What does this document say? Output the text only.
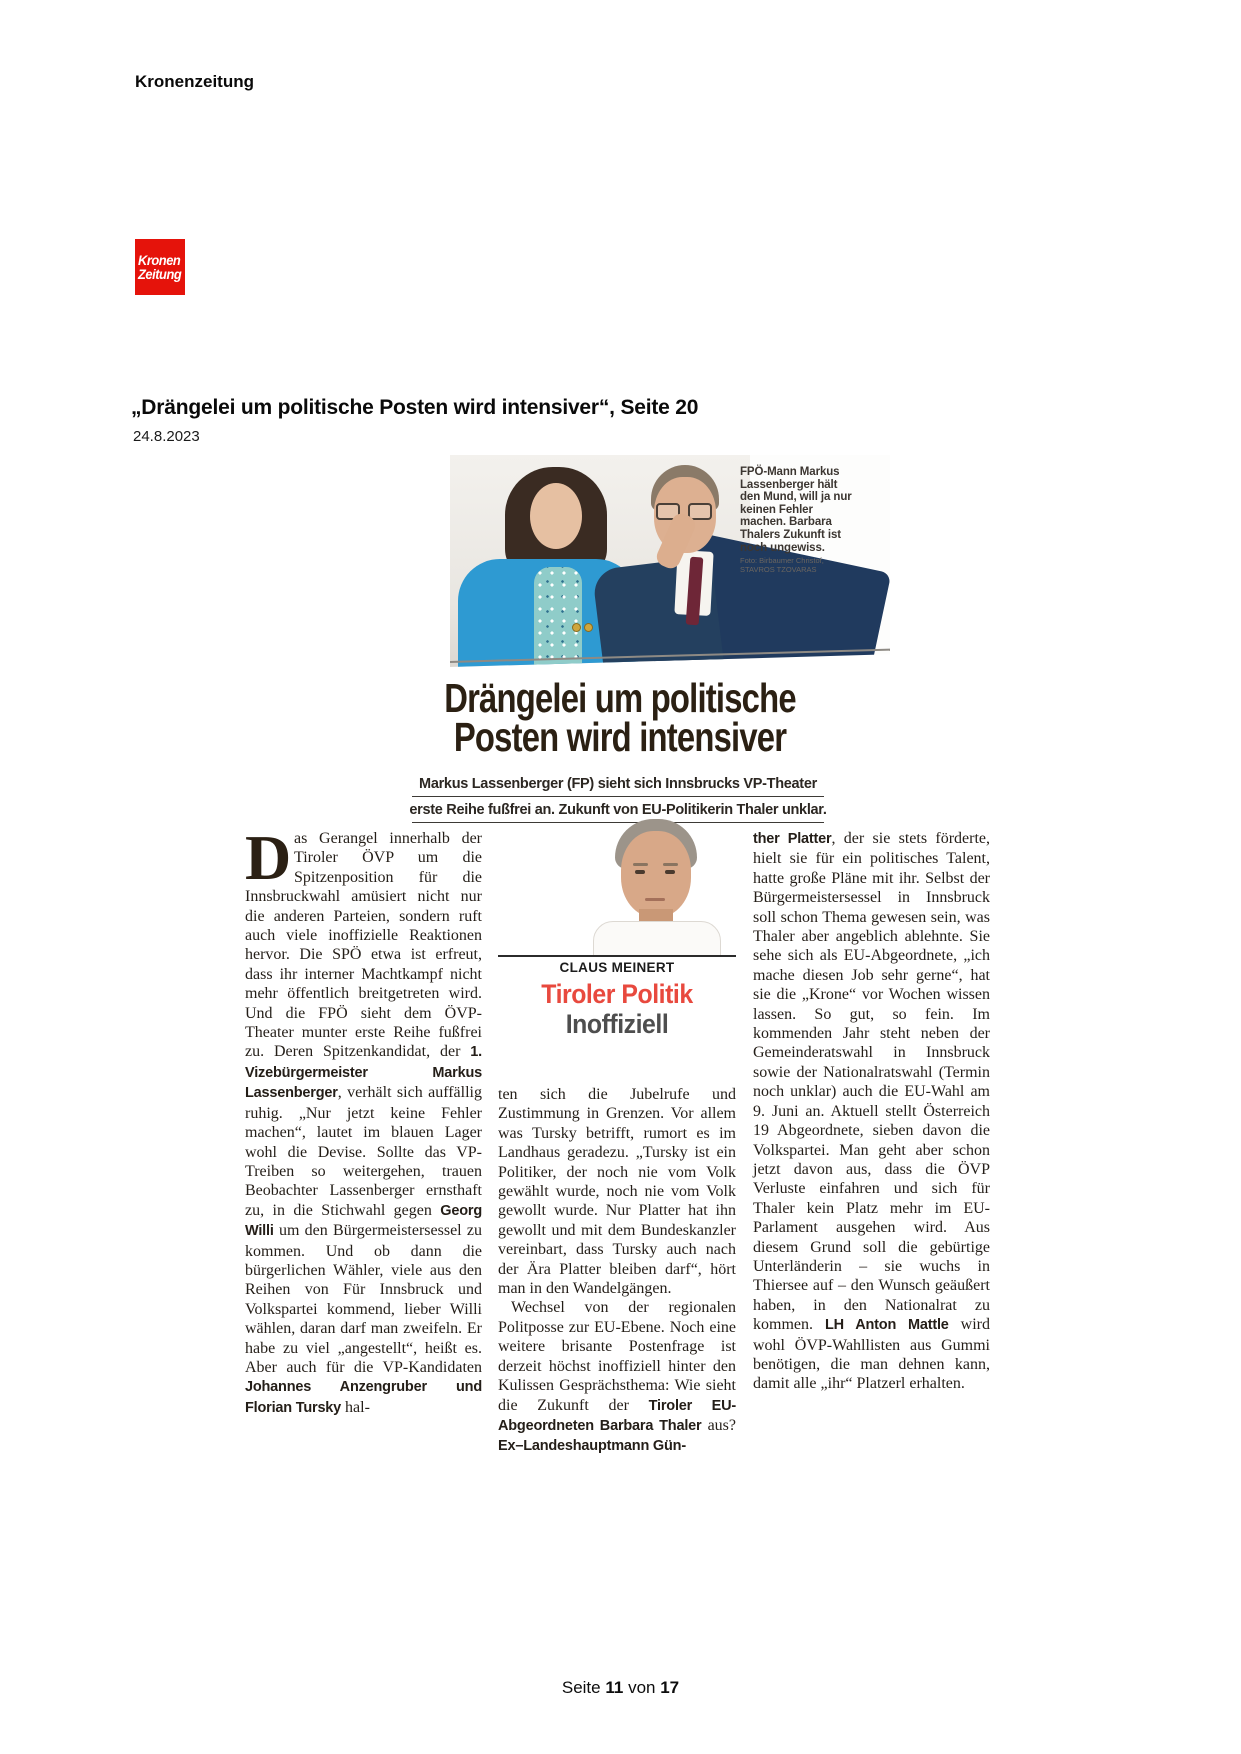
Kronenzeitung
Kronen
Zeitung
„Drängelei um politische Posten wird intensiver“, Seite 20
24.8.2023
FPÖ-Mann Markus Lassenberger hält den Mund, will ja nur keinen Fehler machen. Barbara Thalers Zukunft ist noch ungewiss.
Foto: Birbaumer Christof,
STAVROS TZOVARAS
Drängelei um politische
Posten wird intensiver
Markus Lassenberger (FP) sieht sich Innsbrucks VP-Theater
erste Reihe fußfrei an. Zukunft von EU-Politikerin Thaler unklar.
Das Gerangel innerhalb der Tiroler ÖVP um die Spitzenposition für die Innsbruckwahl amüsiert nicht nur die anderen Parteien, sondern ruft auch viele inoffizielle Reaktionen hervor. Die SPÖ etwa ist erfreut, dass ihr interner Machtkampf nicht mehr öffentlich breitgetreten wird. Und die FPÖ sieht dem ÖVP-Theater munter erste Reihe fußfrei zu. Deren Spitzenkandidat, der 1. Vizebürgermeister Markus Lassenberger, verhält sich auffällig ruhig. „Nur jetzt keine Fehler machen“, lautet im blauen Lager wohl die Devise. Sollte das VP-Treiben so weitergehen, trauen Beobachter Lassenberger ernsthaft zu, in die Stichwahl gegen Georg Willi um den Bürgermeistersessel zu kommen. Und ob dann die bürgerlichen Wähler, viele aus den Reihen von Für Innsbruck und Volkspartei kommend, lieber Willi wählen, daran darf man zweifeln. Er habe zu viel „angestellt“, heißt es. Aber auch für die VP-Kandidaten Johannes Anzengruber und Florian Tursky hal-
CLAUS MEINERT
Tiroler Politik
Inoffiziell
ten sich die Jubelrufe und Zustimmung in Grenzen. Vor allem was Tursky betrifft, rumort es im Landhaus geradezu. „Tursky ist ein Politiker, der noch nie vom Volk gewählt wurde, noch nie vom Volk gewollt wurde. Nur Platter hat ihn gewollt und mit dem Bundeskanzler vereinbart, dass Tursky auch nach der Ära Platter bleiben darf“, hört man in den Wandelgängen.
Wechsel von der regionalen Politposse zur EU-Ebene. Noch eine weitere brisante Postenfrage ist derzeit höchst inoffiziell hinter den Kulissen Gesprächsthema: Wie sieht die Zukunft der Tiroler EU-Abgeordneten Barbara Thaler aus? Ex–Landeshauptmann Gün-
ther Platter, der sie stets förderte, hielt sie für ein politisches Talent, hatte große Pläne mit ihr. Selbst der Bürgermeistersessel in Innsbruck soll schon Thema gewesen sein, was Thaler aber angeblich ablehnte. Sie sehe sich als EU-Abgeordnete, „ich mache diesen Job sehr gerne“, hat sie die „Krone“ vor Wochen wissen lassen. So gut, so fein. Im kommenden Jahr steht neben der Gemeinderatswahl in Innsbruck sowie der Nationalratswahl (Termin noch unklar) auch die EU-Wahl am 9. Juni an. Aktuell stellt Österreich 19 Abgeordnete, sieben davon die Volkspartei. Man geht aber schon jetzt davon aus, dass die ÖVP Verluste einfahren und sich für Thaler kein Platz mehr im EU-Parlament ausgehen wird. Aus diesem Grund soll die gebürtige Unterländerin – sie wuchs in Thiersee auf – den Wunsch geäußert haben, in den Nationalrat zu kommen. LH Anton Mattle wird wohl ÖVP-Wahllisten aus Gummi benötigen, die man dehnen kann, damit alle „ihr“ Platzerl erhalten.
Seite 11 von 17
